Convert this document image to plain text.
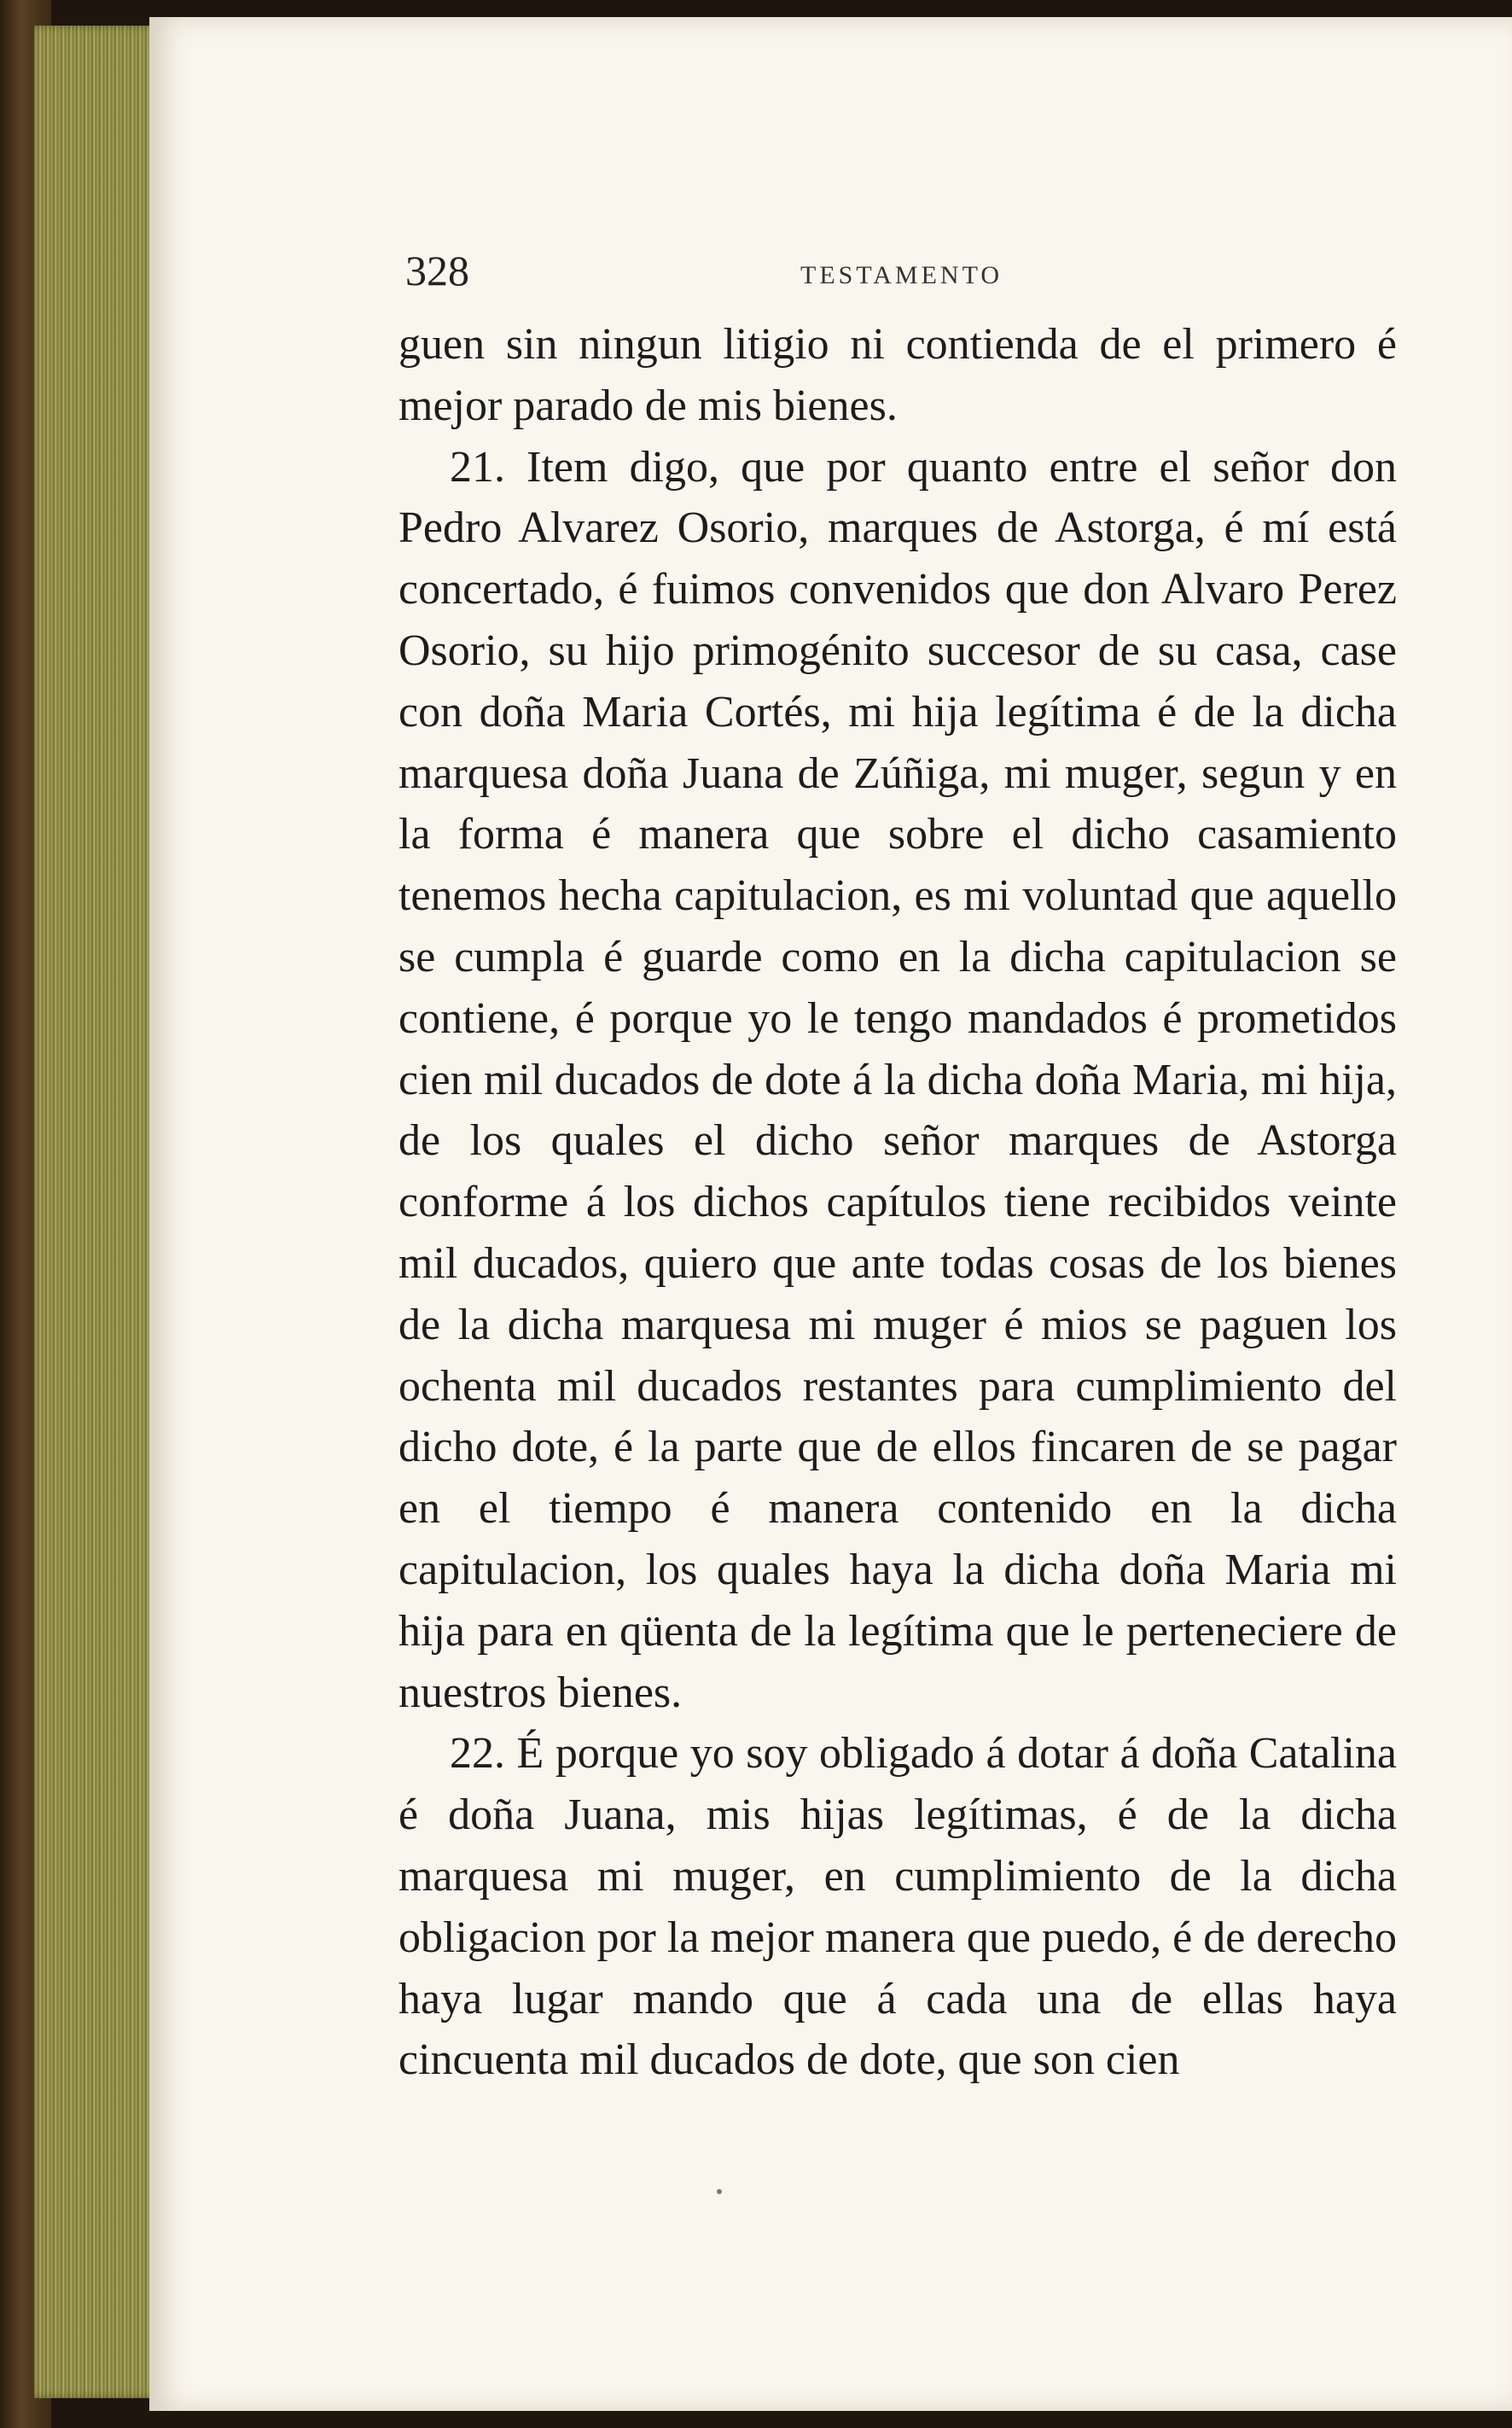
328	TESTAMENTO

guen sin ningun litigio ni contienda de el primero é mejor parado de mis bienes.

21. Item digo, que por quanto entre el señor don Pedro Alvarez Osorio, marques de Astorga, é mí está concertado, é fuimos convenidos que don Alvaro Perez Osorio, su hijo primogénito succesor de su casa, case con doña Maria Cortés, mi hija legítima é de la dicha marquesa doña Juana de Zúñiga, mi muger, segun y en la forma é manera que sobre el dicho casamiento tenemos hecha capitulacion, es mi voluntad que aquello se cumpla é guarde como en la dicha capitulacion se contiene, é porque yo le tengo mandados é prometidos cien mil ducados de dote á la dicha doña Maria, mi hija, de los quales el dicho señor marques de Astorga conforme á los dichos capítulos tiene recibidos veinte mil ducados, quiero que ante todas cosas de los bienes de la dicha marquesa mi muger é mios se paguen los ochenta mil ducados restantes para cumplimiento del dicho dote, é la parte que de ellos fincaren de se pagar en el tiempo é manera contenido en la dicha capitulacion, los quales haya la dicha doña Maria mi hija para en qüenta de la legítima que le perteneciere de nuestros bienes.

22. É porque yo soy obligado á dotar á doña Catalina é doña Juana, mis hijas legítimas, é de la dicha marquesa mi muger, en cumplimiento de la dicha obligacion por la mejor manera que puedo, é de derecho haya lugar mando que á cada una de ellas haya cincuenta mil ducados de dote, que son cien
